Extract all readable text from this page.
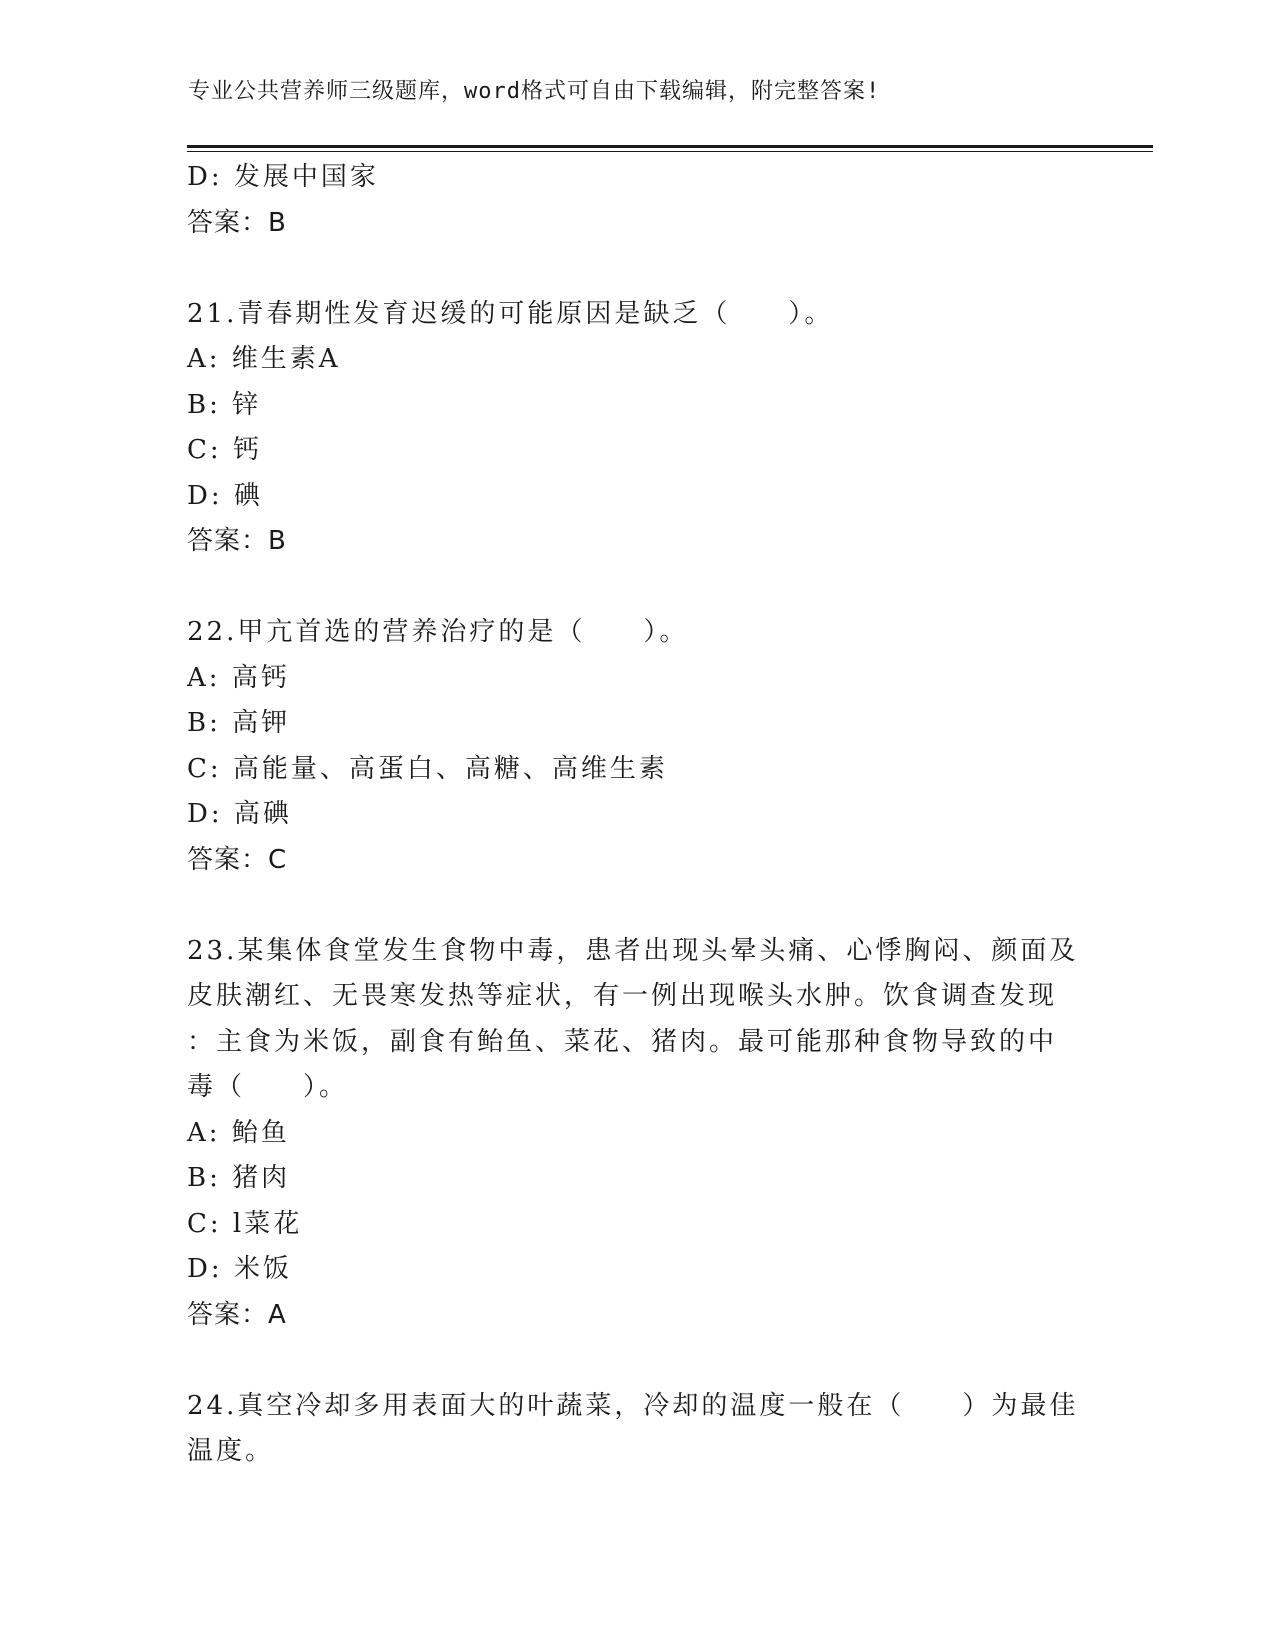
专业公共营养师三级题库，word格式可自由下载编辑，附完整答案!
D: 发展中国家
答案：B
21.青春期性发育迟缓的可能原因是缺乏（　　）。
A: 维生素A
B: 锌
C: 钙
D: 碘
答案：B
22.甲亢首选的营养治疗的是（　　）。
A: 高钙
B: 高钾
C: 高能量、高蛋白、高糖、高维生素
D: 高碘
答案：C
23.某集体食堂发生食物中毒，患者出现头晕头痛、心悸胸闷、颜面及
皮肤潮红、无畏寒发热等症状，有一例出现喉头水肿。饮食调查发现
：主食为米饭，副食有鲐鱼、菜花、猪肉。最可能那种食物导致的中
毒（　　）。
A: 鲐鱼
B: 猪肉
C: l菜花
D: 米饭
答案：A
24.真空冷却多用表面大的叶蔬菜，冷却的温度一般在（　　）为最佳
温度。
